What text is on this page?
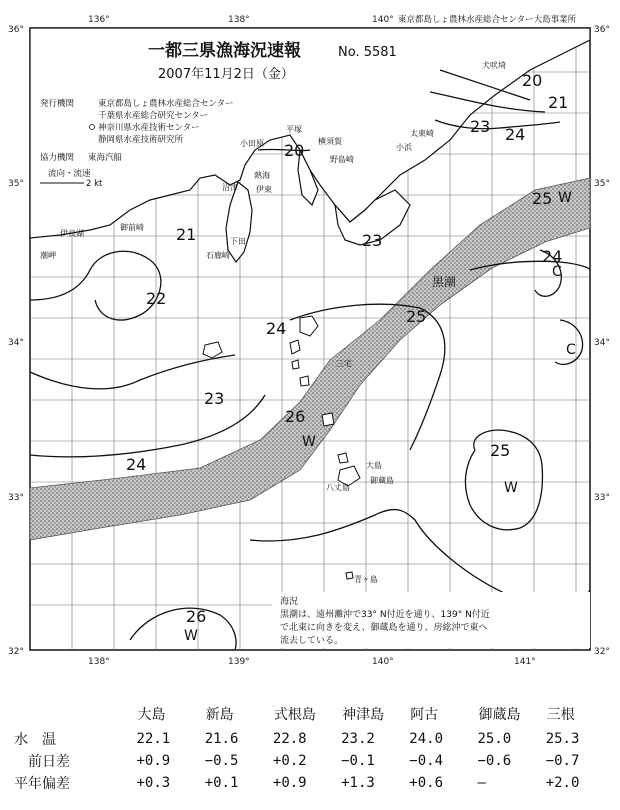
36°
35°
34°
33°
32°
36°
35°
34°
33°
32°
136°	138°	140°
138°	139°	140°	141°
東京都島しょ農林水産総合センター大島事業所
一都三県漁海況速報	No. 5581
2007年11月2日（金）
発行機関	東京都島しょ農林水産総合センター
千葉県水産総合研究センター
神奈川県水産技術センター
静岡県水産技術研究所
協力機関 東海汽船
流向・流速
2 kt
犬吠埼
太東崎
野島崎
小浜
小田原
平塚
横須賀
熱海
伊東
沼津
下田
石廊崎
御前崎
伊良湖
潮岬
三宅
大島
八丈島
御蔵島
青ヶ島
黒潮
20
21
23 24
25
20
21
22
23
24
25
24
25
26
26
24
23
W
C
C
W
W
W
海況
黒潮は、遠州灘沖で33° N付近を通り、139° N付近
で北東に向きを変え、御蔵島を通り、房総沖で東へ
流去している。
	大島	新島	式根島	神津島	阿古	御蔵島	三根
水　温	22.1	21.6	22.8	23.2	24.0	25.0	25.3
前日差	+0.9	−0.5	+0.2	−0.1	−0.4	−0.6	−0.7
平年偏差	+0.3	+0.1	+0.9	+1.3	+0.6	—	+2.0
